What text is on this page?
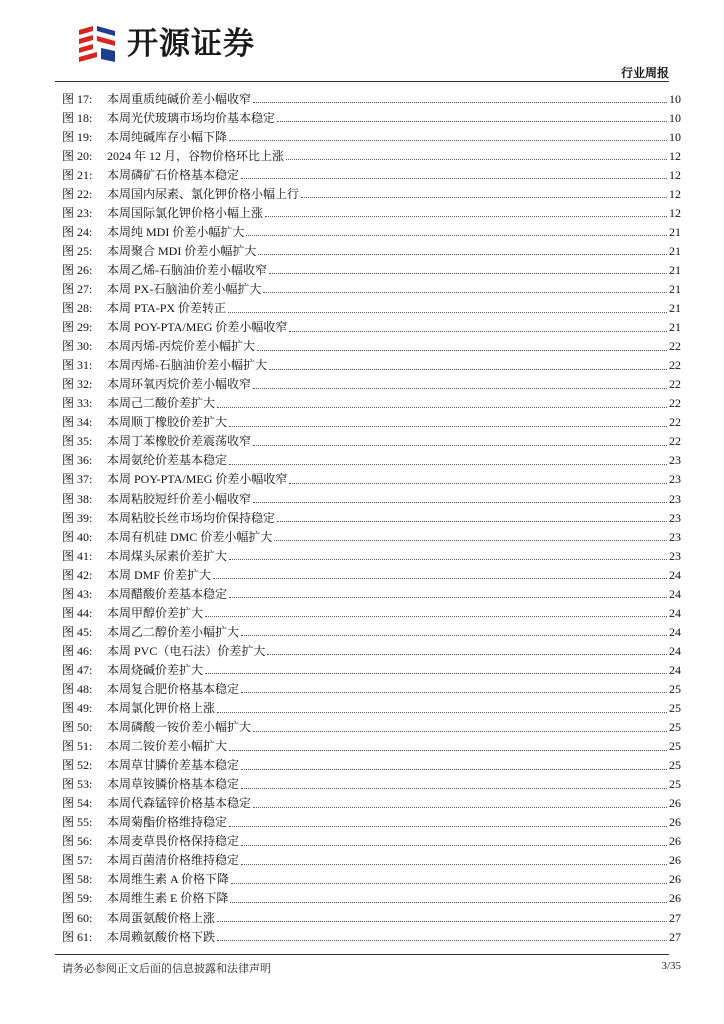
开源证券
行业周报
图 17:	本周重质纯碱价差小幅收窄	10
图 18:	本周光伏玻璃市场均价基本稳定	10
图 19:	本周纯碱库存小幅下降	10
图 20:	2024 年 12 月，谷物价格环比上涨	12
图 21:	本周磷矿石价格基本稳定	12
图 22:	本周国内尿素、氯化钾价格小幅上行	12
图 23:	本周国际氯化钾价格小幅上涨	12
图 24:	本周纯 MDI 价差小幅扩大	21
图 25:	本周聚合 MDI 价差小幅扩大	21
图 26:	本周乙烯-石脑油价差小幅收窄	21
图 27:	本周 PX-石脑油价差小幅扩大	21
图 28:	本周 PTA-PX 价差转正	21
图 29:	本周 POY-PTA/MEG 价差小幅收窄	21
图 30:	本周丙烯-丙烷价差小幅扩大	22
图 31:	本周丙烯-石脑油价差小幅扩大	22
图 32:	本周环氧丙烷价差小幅收窄	22
图 33:	本周己二酸价差扩大	22
图 34:	本周顺丁橡胶价差扩大	22
图 35:	本周丁苯橡胶价差震荡收窄	22
图 36:	本周氨纶价差基本稳定	23
图 37:	本周 POY-PTA/MEG 价差小幅收窄	23
图 38:	本周粘胶短纤价差小幅收窄	23
图 39:	本周粘胶长丝市场均价保持稳定	23
图 40:	本周有机硅 DMC 价差小幅扩大	23
图 41:	本周煤头尿素价差扩大	23
图 42:	本周 DMF 价差扩大	24
图 43:	本周醋酸价差基本稳定	24
图 44:	本周甲醇价差扩大	24
图 45:	本周乙二醇价差小幅扩大	24
图 46:	本周 PVC（电石法）价差扩大	24
图 47:	本周烧碱价差扩大	24
图 48:	本周复合肥价格基本稳定	25
图 49:	本周氯化钾价格上涨	25
图 50:	本周磷酸一铵价差小幅扩大	25
图 51:	本周二铵价差小幅扩大	25
图 52:	本周草甘膦价差基本稳定	25
图 53:	本周草铵膦价格基本稳定	25
图 54:	本周代森锰锌价格基本稳定	26
图 55:	本周菊酯价格维持稳定	26
图 56:	本周麦草畏价格保持稳定	26
图 57:	本周百菌清价格维持稳定	26
图 58:	本周维生素 A 价格下降	26
图 59:	本周维生素 E 价格下降	26
图 60:	本周蛋氨酸价格上涨	27
图 61:	本周赖氨酸价格下跌	27
请务必参阅正文后面的信息披露和法律声明	3/35
